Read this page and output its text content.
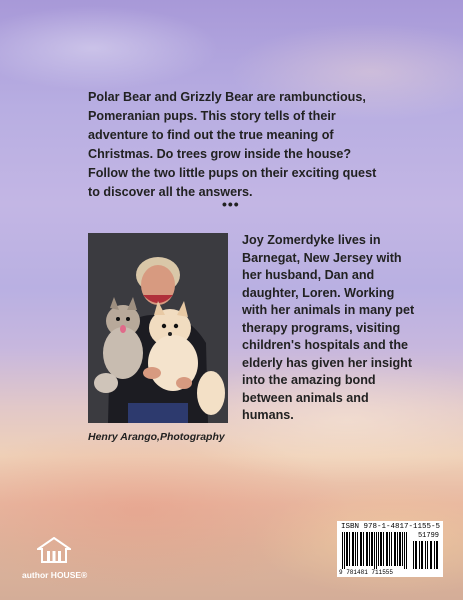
Polar Bear and Grizzly Bear are rambunctious, Pomeranian pups. This story tells of their adventure to find out the true meaning of Christmas. Do trees grow inside the house? Follow the two little pups on their exciting quest to discover all the answers.

•••
Henry Arango,Photography

Joy Zomerdyke lives in Barnegat, New Jersey with her husband, Dan and daughter, Loren. Working with her animals in many pet therapy programs, visiting children's hospitals and the elderly has given her insight into the amazing bond between animals and humans.

ISBN 978-1-4817-1155-5
51799
9 781481 711555
author HOUSE®
